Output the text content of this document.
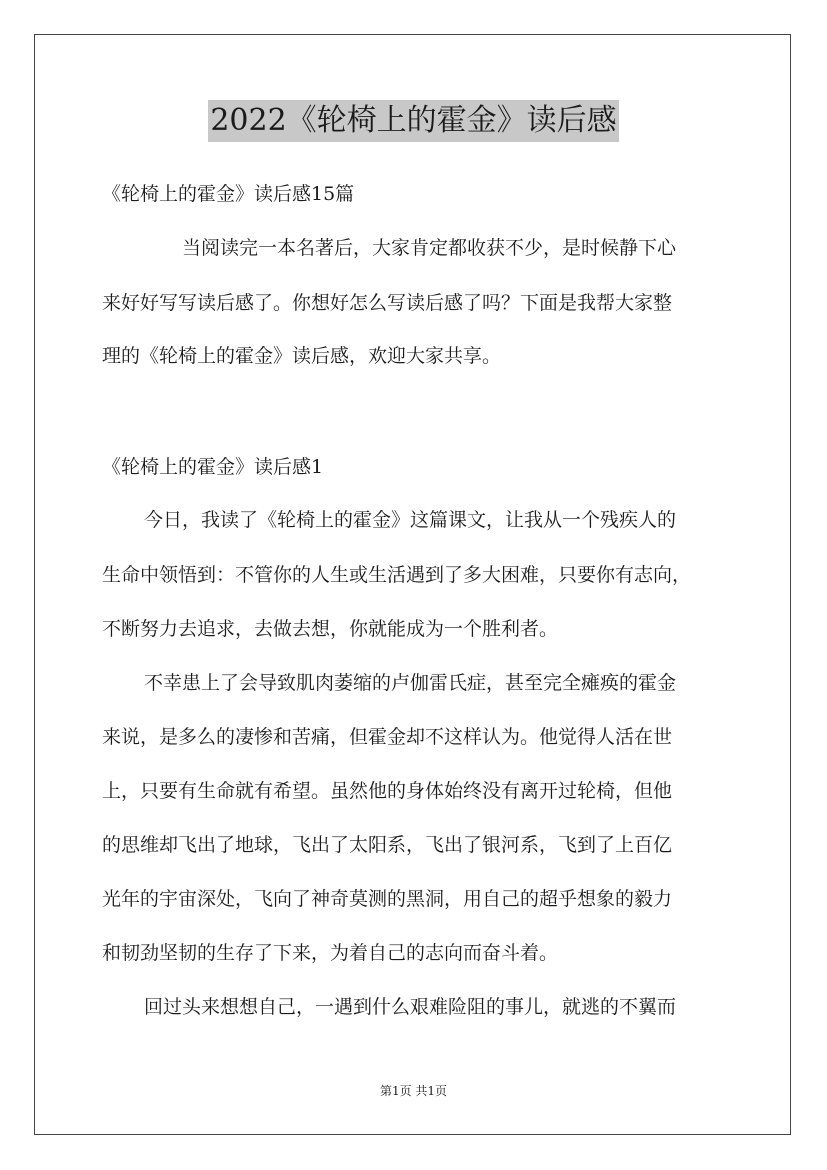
2022《轮椅上的霍金》读后感
《轮椅上的霍金》读后感15篇
当阅读完一本名著后，大家肯定都收获不少，是时候静下心
来好好写写读后感了。你想好怎么写读后感了吗？下面是我帮大家整
理的《轮椅上的霍金》读后感，欢迎大家共享。
《轮椅上的霍金》读后感1
今日，我读了《轮椅上的霍金》这篇课文，让我从一个残疾人的
生命中领悟到：不管你的人生或生活遇到了多大困难，只要你有志向，
不断努力去追求，去做去想，你就能成为一个胜利者。
不幸患上了会导致肌肉萎缩的卢伽雷氏症，甚至完全瘫痪的霍金
来说，是多么的凄惨和苦痛，但霍金却不这样认为。他觉得人活在世
上，只要有生命就有希望。虽然他的身体始终没有离开过轮椅，但他
的思维却飞出了地球，飞出了太阳系，飞出了银河系，飞到了上百亿
光年的宇宙深处，飞向了神奇莫测的黑洞，用自己的超乎想象的毅力
和韧劲坚韧的生存了下来，为着自己的志向而奋斗着。
回过头来想想自己，一遇到什么艰难险阻的事儿，就逃的不翼而
第1页 共1页
